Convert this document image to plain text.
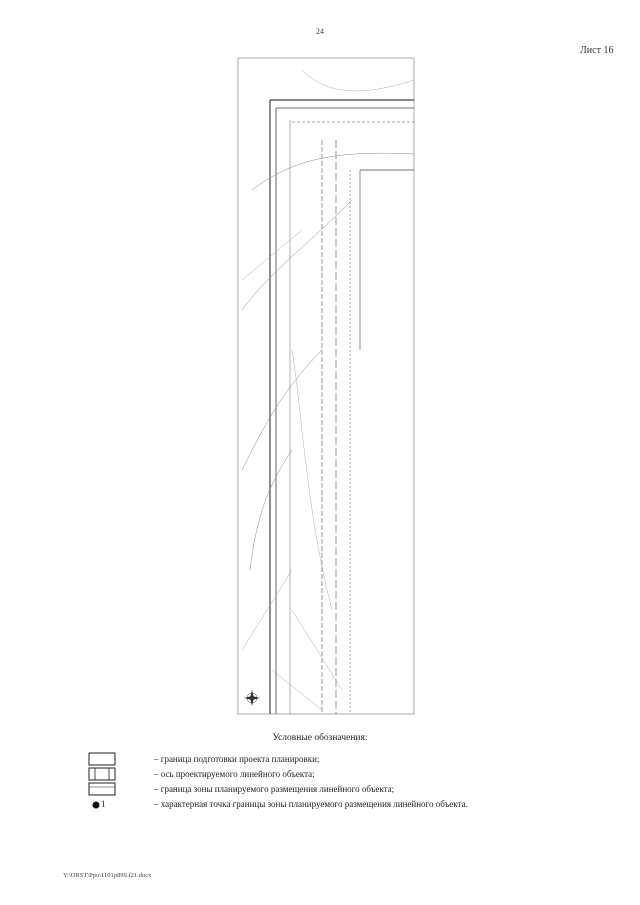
24
Лист 16
Условные обозначения:
– граница подготовки проекта планировки;
– ось проектируемого линейного объекта;
– граница зоны планируемого размещения линейного объекта;
1	– характерная точка границы зоны планируемого размещения линейного объекта.
Y:\ORST\Ppo\1101p899.f21.docx
